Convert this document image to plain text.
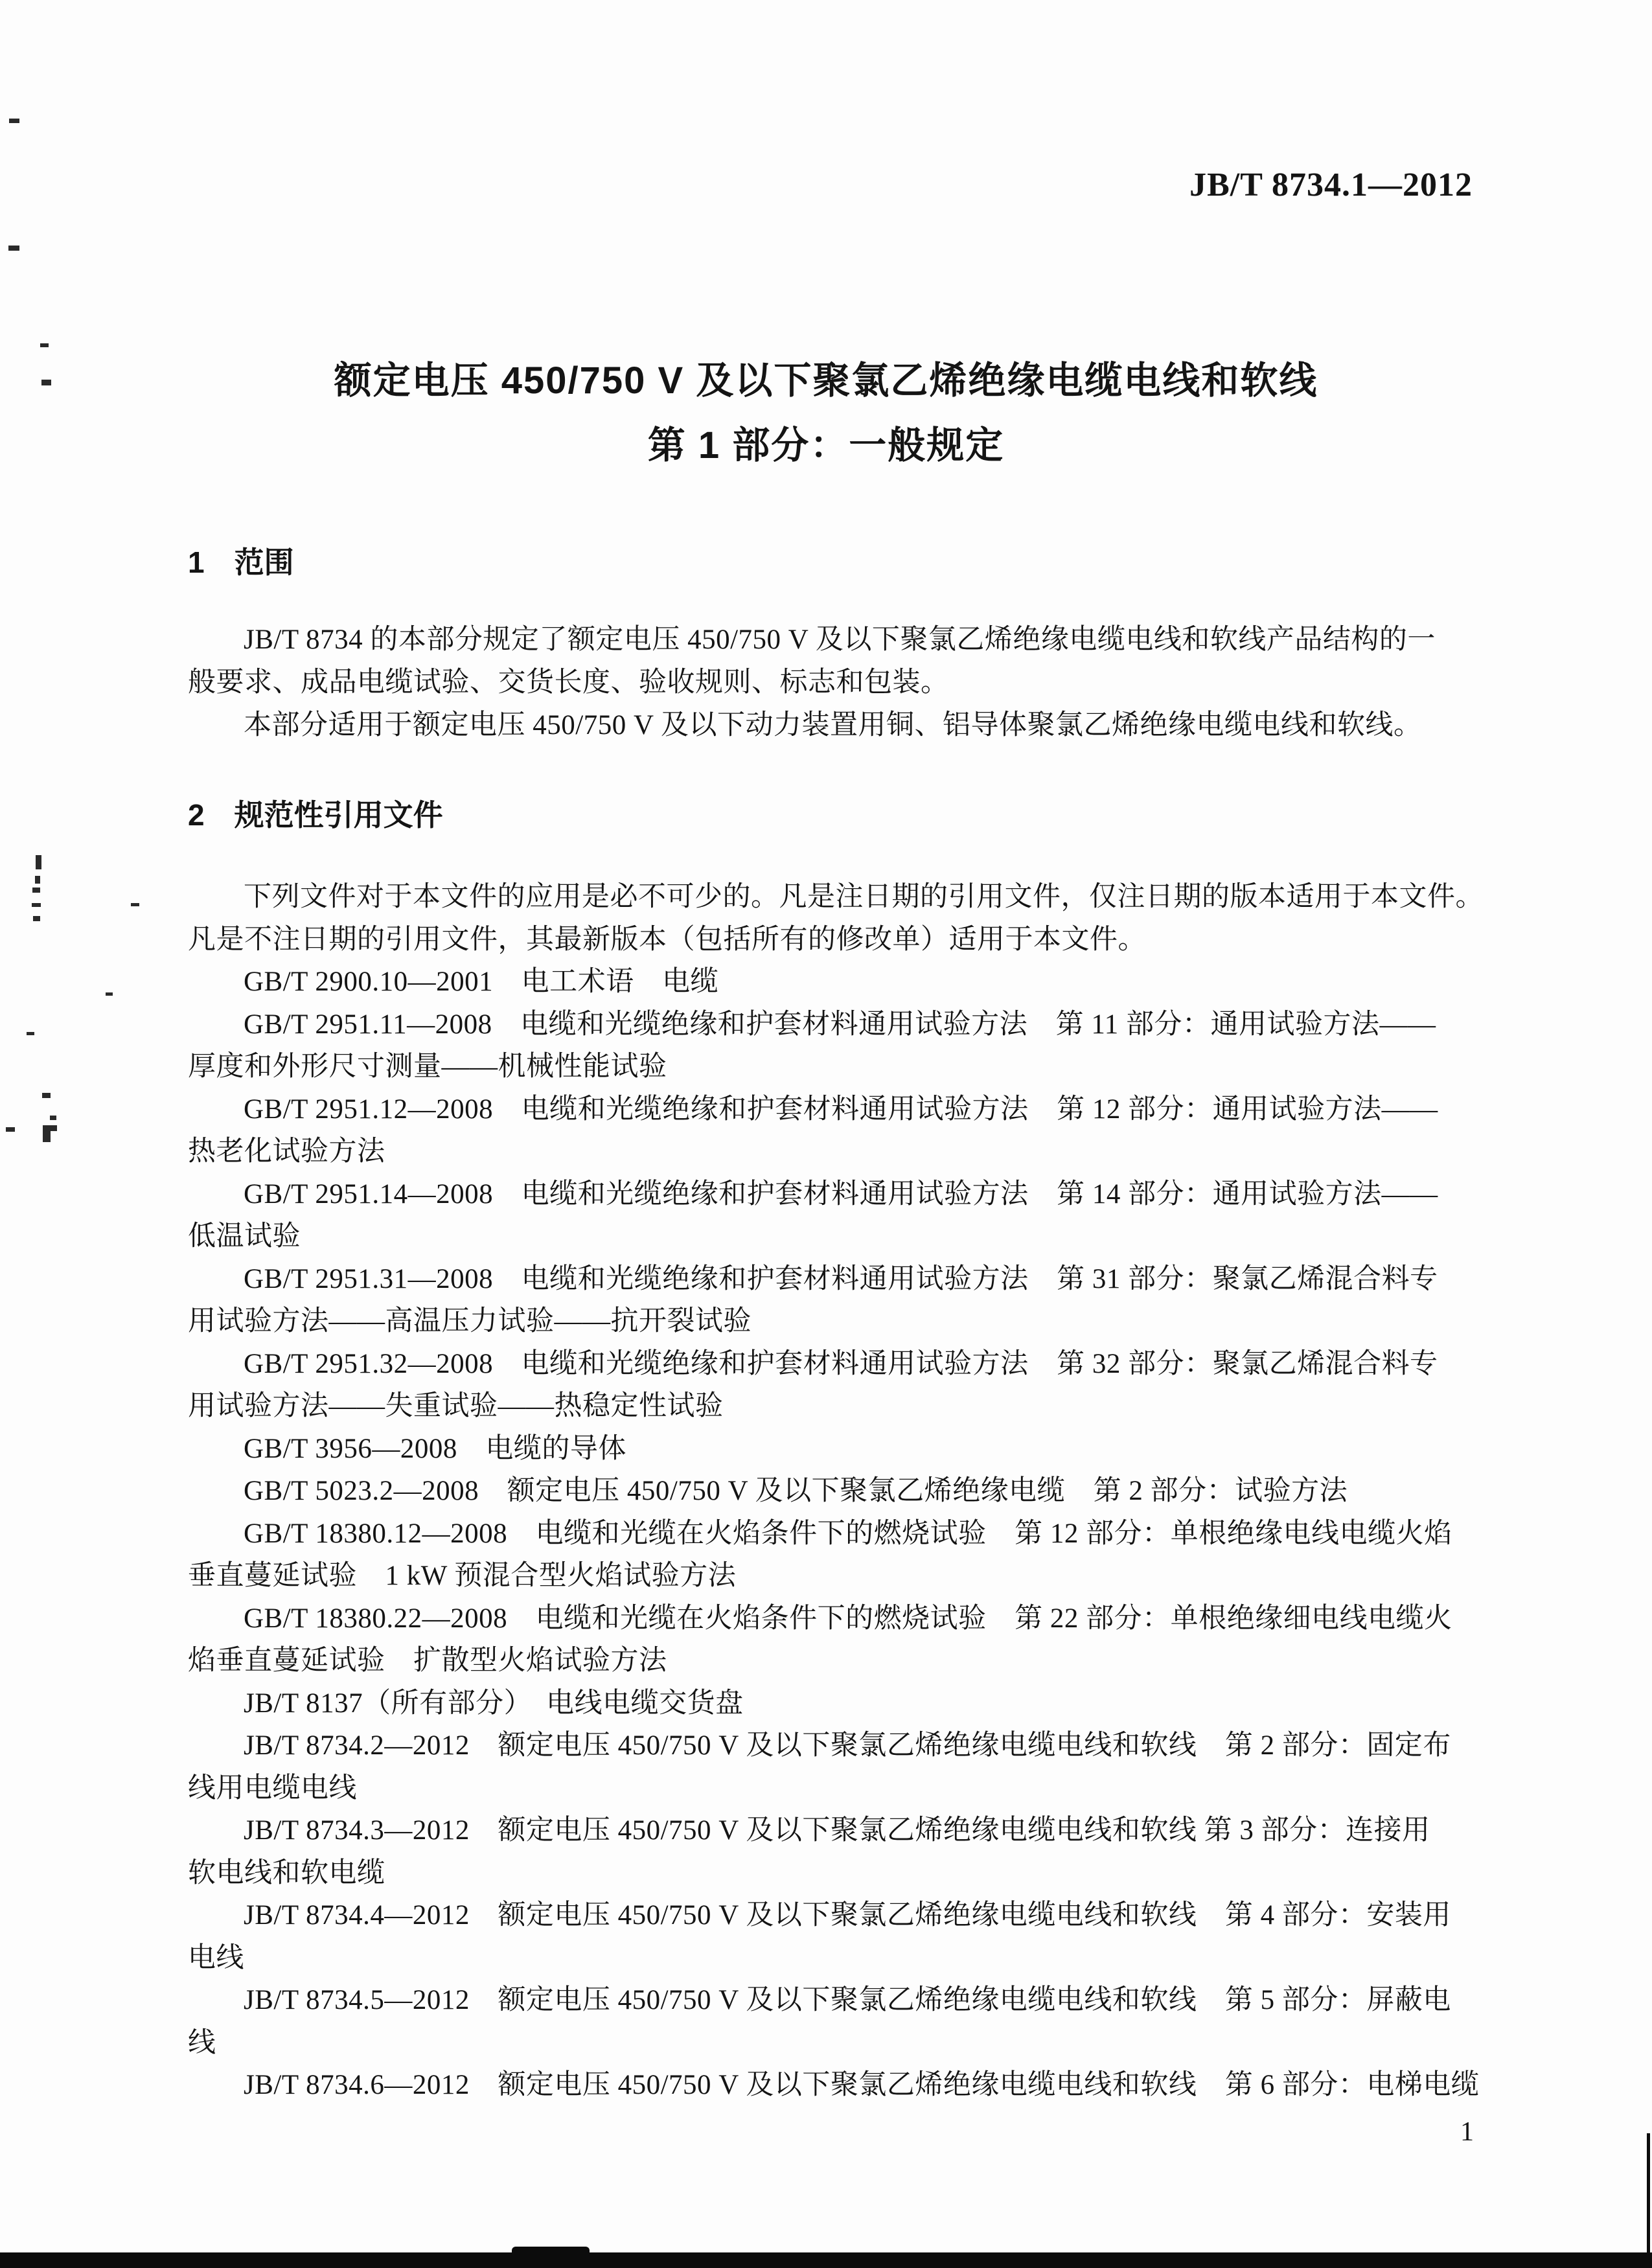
JB/T 8734.1—2012
额定电压 450/750 V 及以下聚氯乙烯绝缘电缆电线和软线
第 1 部分：一般规定
1　范围
JB/T 8734 的本部分规定了额定电压 450/750 V 及以下聚氯乙烯绝缘电缆电线和软线产品结构的一
般要求、成品电缆试验、交货长度、验收规则、标志和包装。
本部分适用于额定电压 450/750 V 及以下动力装置用铜、铝导体聚氯乙烯绝缘电缆电线和软线。
2　规范性引用文件
下列文件对于本文件的应用是必不可少的。凡是注日期的引用文件，仅注日期的版本适用于本文件。
凡是不注日期的引用文件，其最新版本（包括所有的修改单）适用于本文件。
GB/T 2900.10—2001　电工术语　电缆
GB/T 2951.11—2008　电缆和光缆绝缘和护套材料通用试验方法　第 11 部分：通用试验方法——
厚度和外形尺寸测量——机械性能试验
GB/T 2951.12—2008　电缆和光缆绝缘和护套材料通用试验方法　第 12 部分：通用试验方法——
热老化试验方法
GB/T 2951.14—2008　电缆和光缆绝缘和护套材料通用试验方法　第 14 部分：通用试验方法——
低温试验
GB/T 2951.31—2008　电缆和光缆绝缘和护套材料通用试验方法　第 31 部分：聚氯乙烯混合料专
用试验方法——高温压力试验——抗开裂试验
GB/T 2951.32—2008　电缆和光缆绝缘和护套材料通用试验方法　第 32 部分：聚氯乙烯混合料专
用试验方法——失重试验——热稳定性试验
GB/T 3956—2008　电缆的导体
GB/T 5023.2—2008　额定电压 450/750 V 及以下聚氯乙烯绝缘电缆　第 2 部分：试验方法
GB/T 18380.12—2008　电缆和光缆在火焰条件下的燃烧试验　第 12 部分：单根绝缘电线电缆火焰
垂直蔓延试验　1 kW 预混合型火焰试验方法
GB/T 18380.22—2008　电缆和光缆在火焰条件下的燃烧试验　第 22 部分：单根绝缘细电线电缆火
焰垂直蔓延试验　扩散型火焰试验方法
JB/T 8137（所有部分）　电线电缆交货盘
JB/T 8734.2—2012　额定电压 450/750 V 及以下聚氯乙烯绝缘电缆电线和软线　第 2 部分：固定布
线用电缆电线
JB/T 8734.3—2012　额定电压 450/750 V 及以下聚氯乙烯绝缘电缆电线和软线 第 3 部分：连接用
软电线和软电缆
JB/T 8734.4—2012　额定电压 450/750 V 及以下聚氯乙烯绝缘电缆电线和软线　第 4 部分：安装用
电线
JB/T 8734.5—2012　额定电压 450/750 V 及以下聚氯乙烯绝缘电缆电线和软线　第 5 部分：屏蔽电
线
JB/T 8734.6—2012　额定电压 450/750 V 及以下聚氯乙烯绝缘电缆电线和软线　第 6 部分：电梯电缆
1
